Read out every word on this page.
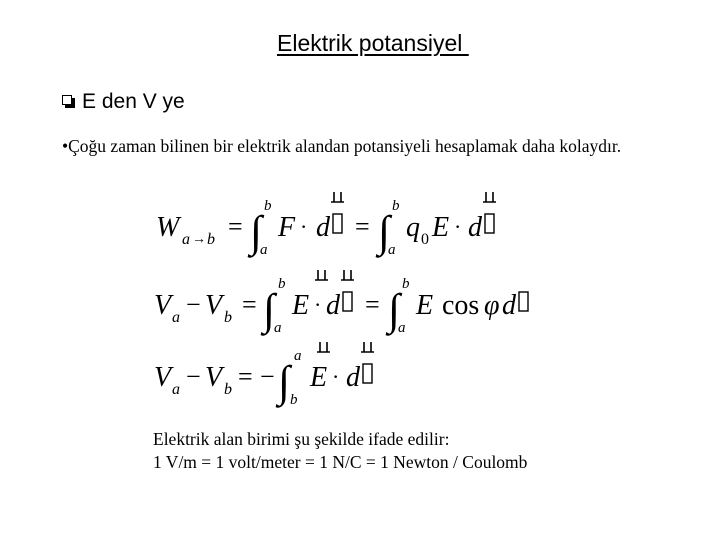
Elektrik potansiyel
E den V ye
•Çoğu zaman bilinen bir elektrik alandan potansiyeli hesaplamak daha kolaydır.
W a → b = ∫
b
a
F · d = ∫
b
a
q 0 E · d
V a − V b = ∫
b
a
E · d = ∫
b
a
E cos φ d
V a − V b = − ∫
a
b
E · d
Elektrik alan birimi şu şekilde ifade edilir:
1 V/m = 1 volt/meter = 1 N/C = 1 Newton / Coulomb
